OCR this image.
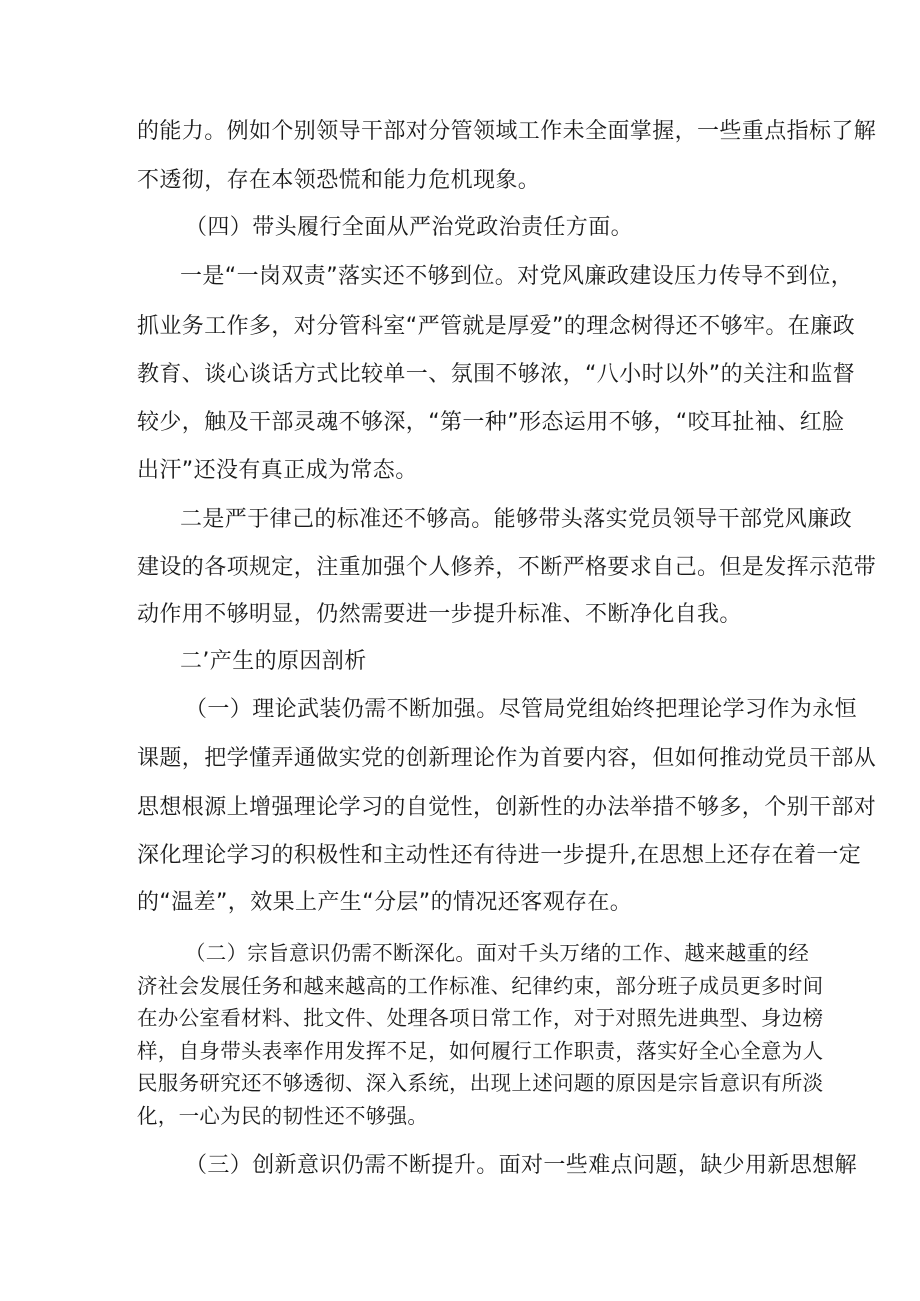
的能力。例如个别领导干部对分管领域工作未全面掌握，一些重点指标了解

不透彻，存在本领恐慌和能力危机现象。

（四）带头履行全面从严治党政治责任方面。

一是“一岗双责”落实还不够到位。对党风廉政建设压力传导不到位，

抓业务工作多，对分管科室“严管就是厚爱”的理念树得还不够牢。在廉政

教育、谈心谈话方式比较单一、氛围不够浓，“八小时以外”的关注和监督

较少，触及干部灵魂不够深，“第一种”形态运用不够，“咬耳扯袖、红脸

出汗”还没有真正成为常态。

二是严于律己的标准还不够高。能够带头落实党员领导干部党风廉政

建设的各项规定，注重加强个人修养，不断严格要求自己。但是发挥示范带

动作用不够明显，仍然需要进一步提升标准、不断净化自我。

二’产生的原因剖析

（一）理论武装仍需不断加强。尽管局党组始终把理论学习作为永恒

课题，把学懂弄通做实党的创新理论作为首要内容，但如何推动党员干部从

思想根源上增强理论学习的自觉性，创新性的办法举措不够多，个别干部对

深化理论学习的积极性和主动性还有待进一步提升,在思想上还存在着一定

的“温差”，效果上产生“分层”的情况还客观存在。

（二）宗旨意识仍需不断深化。面对千头万绪的工作、越来越重的经

济社会发展任务和越来越高的工作标准、纪律约束，部分班子成员更多时间

在办公室看材料、批文件、处理各项日常工作，对于对照先进典型、身边榜

样，自身带头表率作用发挥不足，如何履行工作职责，落实好全心全意为人

民服务研究还不够透彻、深入系统，出现上述问题的原因是宗旨意识有所淡

化，一心为民的韧性还不够强。

（三）创新意识仍需不断提升。面对一些难点问题，缺少用新思想解
